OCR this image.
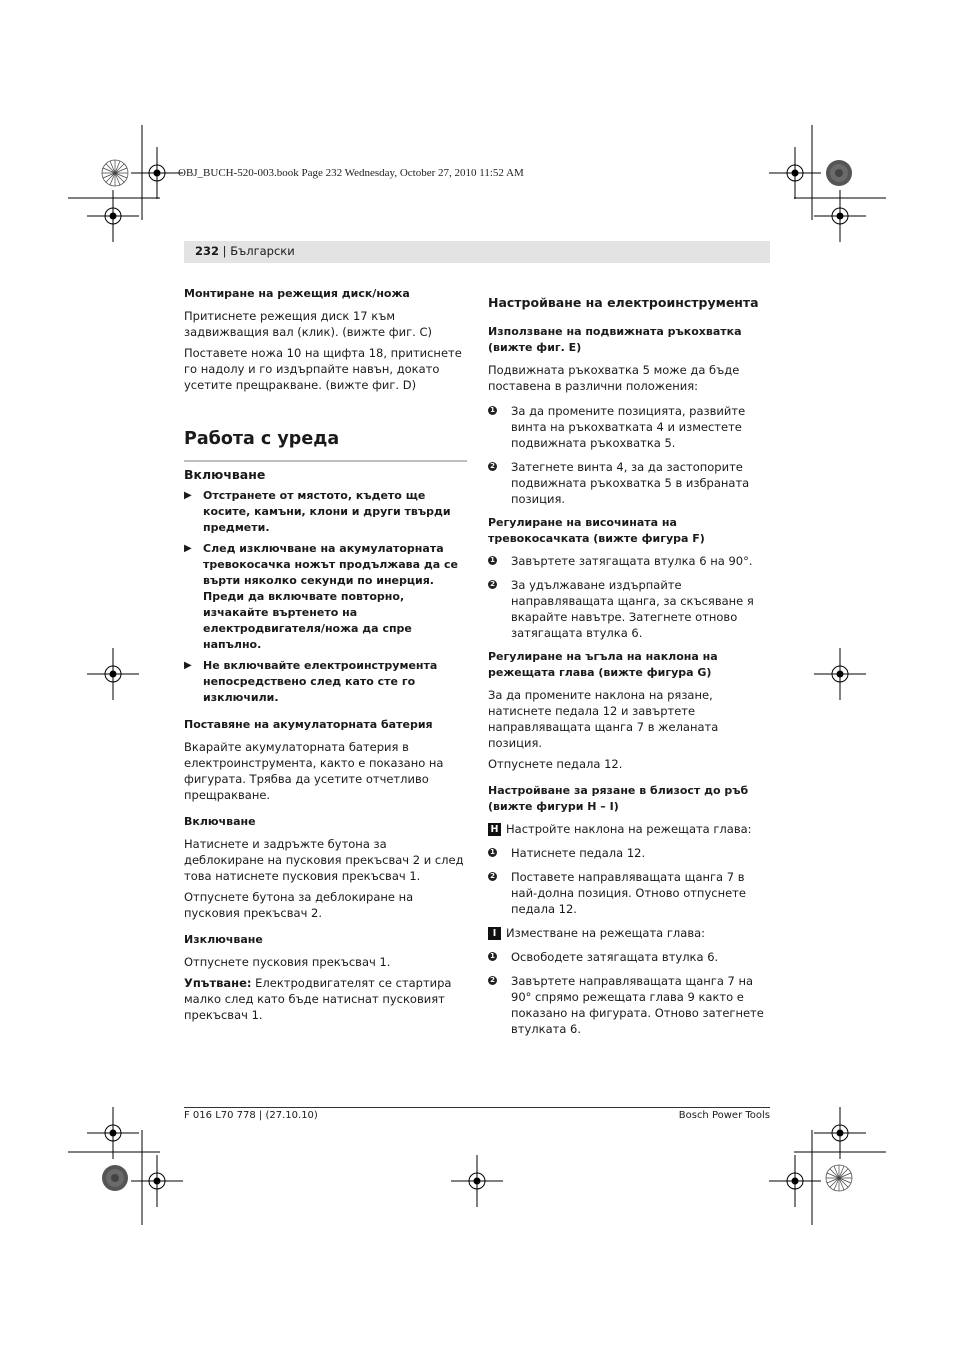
OBJ_BUCH-520-003.book Page 232 Wednesday, October 27, 2010 11:52 AM
232 | Български
Монтиране на режещия диск/ножа
Притиснете режещия диск 17 към задвижващия вал (клик). (вижте фиг. C)
Поставете ножа 10 на щифта 18, притиснете го надолу и го издърпайте навън, докато усетите прещракване. (вижте фиг. D)
Работа с уреда
Включване
▶	Отстранете от мястото, където ще косите, камъни, клони и други твърди предмети.
▶	След изключване на акумулаторната тревокосачка ножът продължава да се върти няколко секунди по инерция. Преди да включвате повторно, изчакайте въртенето на електродвигателя/ножа да спре напълно.
▶	Не включвайте електроинструмента непосредствено след като сте го изключили.
Поставяне на акумулаторната батерия
Вкарайте акумулаторната батерия в електроинструмента, както е показано на фигурата. Трябва да усетите отчетливо прещракване.
Включване
Натиснете и задръжте бутона за деблокиране на пусковия прекъсвач 2 и след това натиснете пусковия прекъсвач 1.
Отпуснете бутона за деблокиране на пусковия прекъсвач 2.
Изключване
Отпуснете пусковия прекъсвач 1.
Упътване: Електродвигателят се стартира малко след като бъде натиснат пусковият прекъсвач 1.
Настройване на електроинструмента
Използване на подвижната ръкохватка (вижте фиг. E)
Подвижната ръкохватка 5 може да бъде поставена в различни положения:
1 За да промените позицията, развийте винта на ръкохватката 4 и изместете подвижната ръкохватка 5.
2 Затегнете винта 4, за да застопорите подвижната ръкохватка 5 в избраната позиция.
Регулиране на височината на тревокосачката (вижте фигура F)
1 Завъртете затягащата втулка 6 на 90°.
2 За удължаване издърпайте направляващата щанга, за скъсяване я вкарайте навътре. Затегнете отново затягащата втулка 6.
Регулиране на ъгъла на наклона на режещата глава (вижте фигура G)
За да промените наклона на рязане, натиснете педала 12 и завъртете направляващата щанга 7 в желаната позиция.
Отпуснете педала 12.
Настройване за рязане в близост до ръб (вижте фигури H – I)
H Настройте наклона на режещата глава:
1 Натиснете педала 12.
2 Поставете направляващата щанга 7 в най-долна позиция. Отново отпуснете педала 12.
I Изместване на режещата глава:
1 Освободете затягащата втулка 6.
2 Завъртете направляващата щанга 7 на 90° спрямо режещата глава 9 както е показано на фигурата. Отново затегнете втулката 6.
F 016 L70 778 | (27.10.10)	Bosch Power Tools
